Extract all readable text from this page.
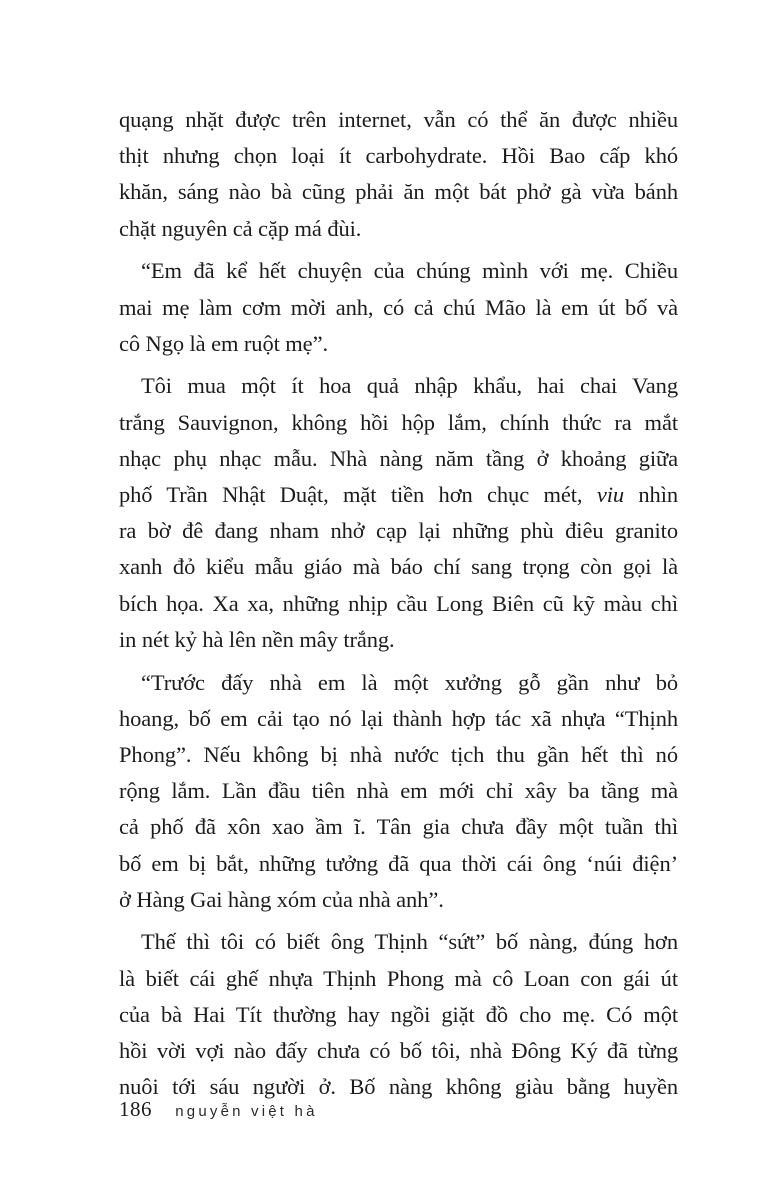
quạng nhặt được trên internet, vẫn có thể ăn được nhiều
thịt nhưng chọn loại ít carbohydrate. Hồi Bao cấp khó
khăn, sáng nào bà cũng phải ăn một bát phở gà vừa bánh
chặt nguyên cả cặp má đùi.

“Em đã kể hết chuyện của chúng mình với mẹ. Chiều
mai mẹ làm cơm mời anh, có cả chú Mão là em út bố và
cô Ngọ là em ruột mẹ”.

Tôi mua một ít hoa quả nhập khẩu, hai chai Vang
trắng Sauvignon, không hồi hộp lắm, chính thức ra mắt
nhạc phụ nhạc mẫu. Nhà nàng năm tầng ở khoảng giữa
phố Trần Nhật Duật, mặt tiền hơn chục mét, viu nhìn
ra bờ đê đang nham nhở cạp lại những phù điêu granito
xanh đỏ kiểu mẫu giáo mà báo chí sang trọng còn gọi là
bích họa. Xa xa, những nhịp cầu Long Biên cũ kỹ màu chì
in nét kỷ hà lên nền mây trắng.

“Trước đấy nhà em là một xưởng gỗ gần như bỏ
hoang, bố em cải tạo nó lại thành hợp tác xã nhựa “Thịnh
Phong”. Nếu không bị nhà nước tịch thu gần hết thì nó
rộng lắm. Lần đầu tiên nhà em mới chỉ xây ba tầng mà
cả phố đã xôn xao ầm ĩ. Tân gia chưa đầy một tuần thì
bố em bị bắt, những tưởng đã qua thời cái ông ‘núi điện’
ở Hàng Gai hàng xóm của nhà anh”.

Thế thì tôi có biết ông Thịnh “sứt” bố nàng, đúng hơn
là biết cái ghế nhựa Thịnh Phong mà cô Loan con gái út
của bà Hai Tít thường hay ngồi giặt đồ cho mẹ. Có một
hồi vời vợi nào đấy chưa có bố tôi, nhà Đông Ký đã từng
nuôi tới sáu người ở. Bố nàng không giàu bằng huyền

186 nguyễn việt hà
